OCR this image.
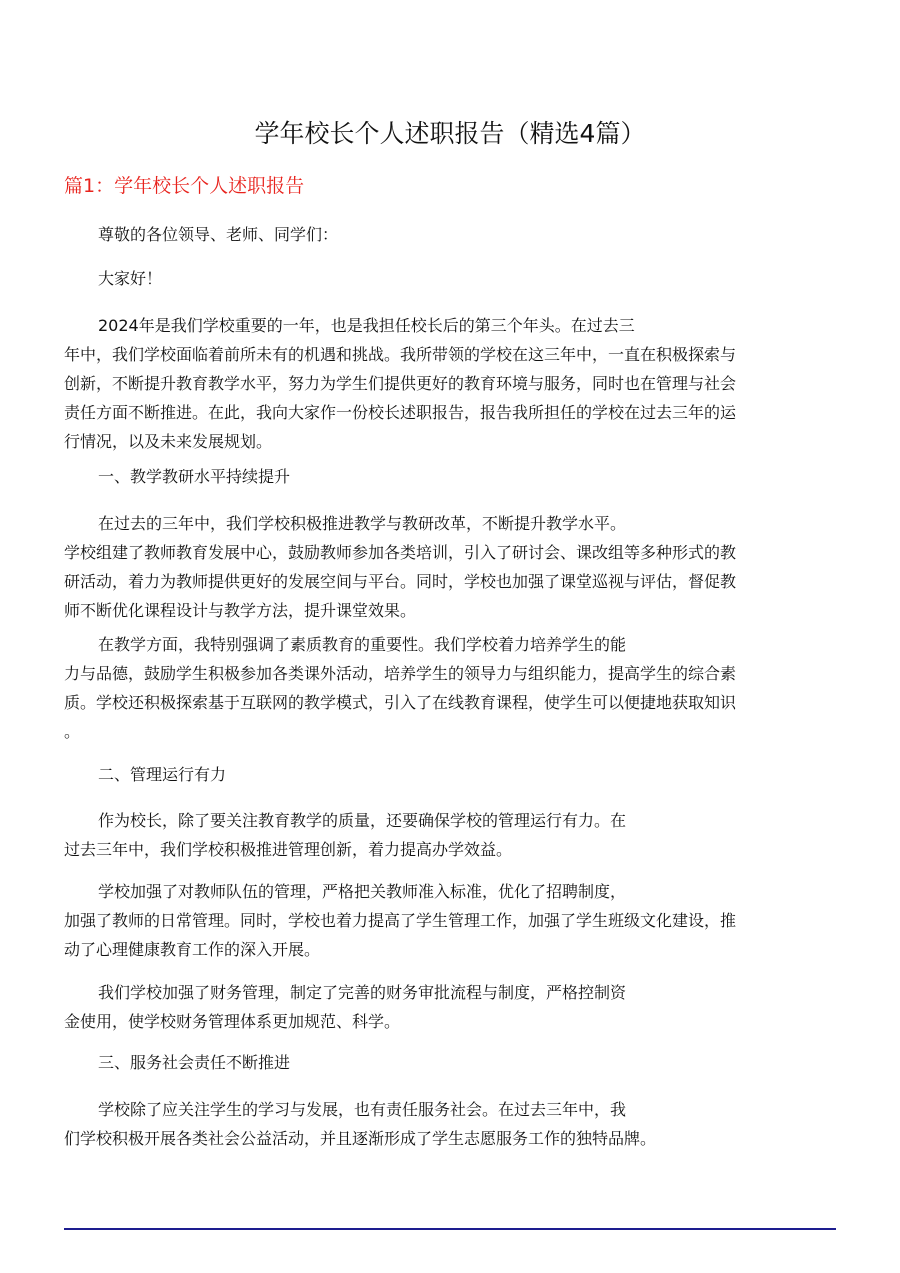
学年校长个人述职报告（精选4篇）
篇1：学年校长个人述职报告
尊敬的各位领导、老师、同学们：
大家好！
2024年是我们学校重要的一年，也是我担任校长后的第三个年头。在过去三
年中，我们学校面临着前所未有的机遇和挑战。我所带领的学校在这三年中，一直在积极探索与
创新，不断提升教育教学水平，努力为学生们提供更好的教育环境与服务，同时也在管理与社会
责任方面不断推进。在此，我向大家作一份校长述职报告，报告我所担任的学校在过去三年的运
行情况，以及未来发展规划。
一、教学教研水平持续提升
在过去的三年中，我们学校积极推进教学与教研改革，不断提升教学水平。
学校组建了教师教育发展中心，鼓励教师参加各类培训，引入了研讨会、课改组等多种形式的教
研活动，着力为教师提供更好的发展空间与平台。同时，学校也加强了课堂巡视与评估，督促教
师不断优化课程设计与教学方法，提升课堂效果。
在教学方面，我特别强调了素质教育的重要性。我们学校着力培养学生的能
力与品德，鼓励学生积极参加各类课外活动，培养学生的领导力与组织能力，提高学生的综合素
质。学校还积极探索基于互联网的教学模式，引入了在线教育课程，使学生可以便捷地获取知识
。
二、管理运行有力
作为校长，除了要关注教育教学的质量，还要确保学校的管理运行有力。在
过去三年中，我们学校积极推进管理创新，着力提高办学效益。
学校加强了对教师队伍的管理，严格把关教师准入标准，优化了招聘制度，
加强了教师的日常管理。同时，学校也着力提高了学生管理工作，加强了学生班级文化建设，推
动了心理健康教育工作的深入开展。
我们学校加强了财务管理，制定了完善的财务审批流程与制度，严格控制资
金使用，使学校财务管理体系更加规范、科学。
三、服务社会责任不断推进
学校除了应关注学生的学习与发展，也有责任服务社会。在过去三年中，我
们学校积极开展各类社会公益活动，并且逐渐形成了学生志愿服务工作的独特品牌。
